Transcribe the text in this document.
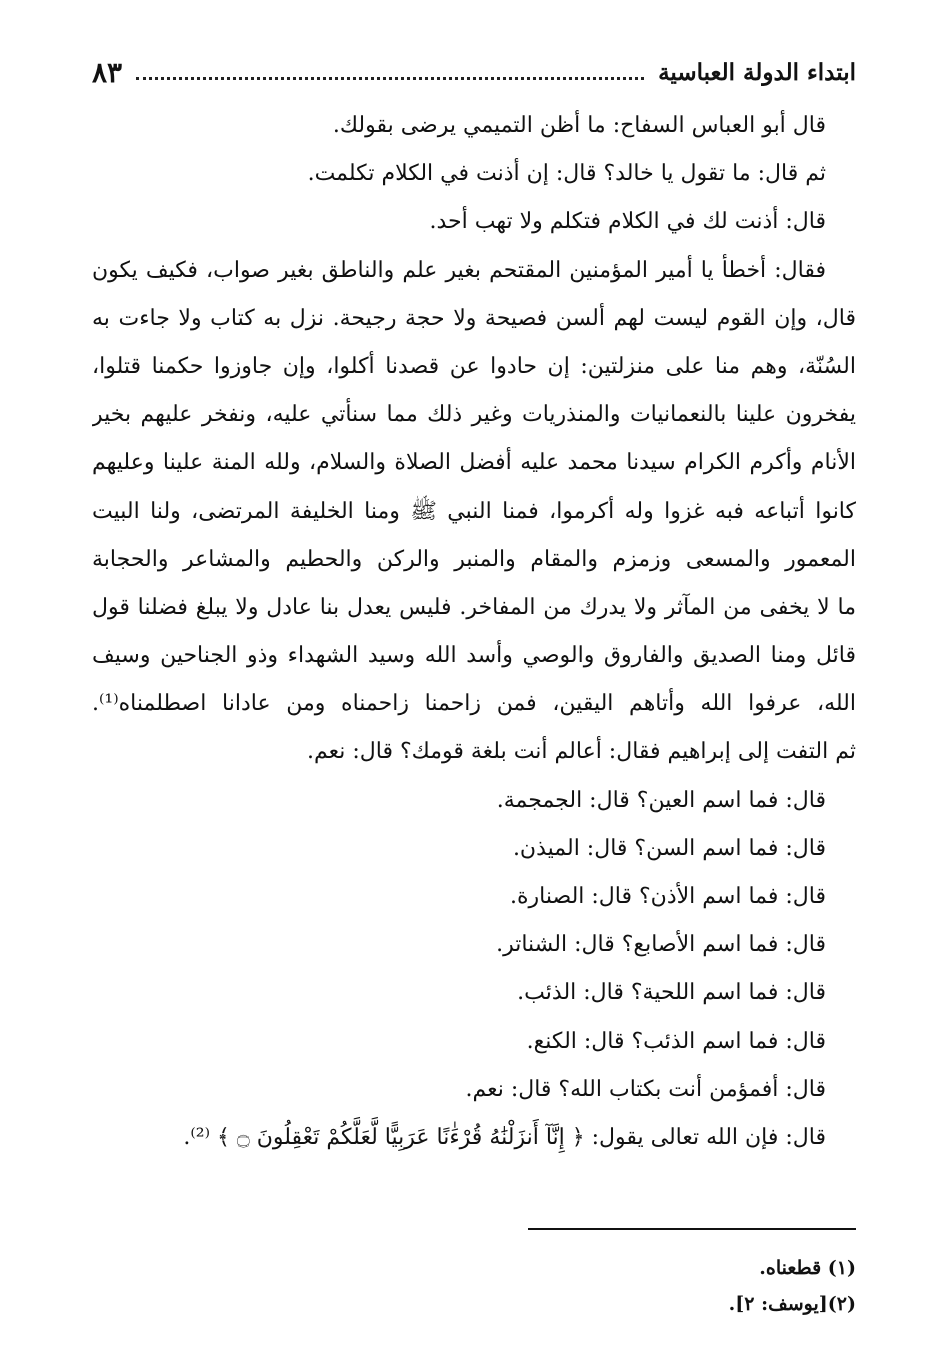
ابتداء الدولة العباسية
٨٣
قال أبو العباس السفاح: ما أظن التميمي يرضى بقولك.
ثم قال: ما تقول يا خالد؟ قال: إن أذنت في الكلام تكلمت.
قال: أذنت لك في الكلام فتكلم ولا تهب أحد.
فقال: أخطأ يا أمير المؤمنين المقتحم بغير علم والناطق بغير صواب، فكيف يكون
قال، وإن القوم ليست لهم ألسن فصيحة ولا حجة رجيحة. نزل به كتاب ولا جاءت به
السُنّة، وهم منا على منزلتين: إن حادوا عن قصدنا أكلوا، وإن جاوزوا حكمنا قتلوا،
يفخرون علينا بالنعمانيات والمنذريات وغير ذلك مما سنأتي عليه، ونفخر عليهم بخير
الأنام وأكرم الكرام سيدنا محمد عليه أفضل الصلاة والسلام، ولله المنة علينا وعليهم
كانوا أتباعه فبه غزوا وله أكرموا، فمنا النبي ﷺ ومنا الخليفة المرتضى، ولنا البيت
المعمور والمسعى وزمزم والمقام والمنبر والركن والحطيم والمشاعر والحجابة
ما لا يخفى من المآثر ولا يدرك من المفاخر. فليس يعدل بنا عادل ولا يبلغ فضلنا قول
قائل ومنا الصديق والفاروق والوصي وأسد الله وسيد الشهداء وذو الجناحين وسيف
الله، عرفوا الله وأتاهم اليقين، فمن زاحمنا زاحمناه ومن عادانا اصطلمناه⁽¹⁾.
ثم التفت إلى إبراهيم فقال: أعالم أنت بلغة قومك؟ قال: نعم.
قال: فما اسم العين؟ قال: الجمجمة.
قال: فما اسم السن؟ قال: الميذن.
قال: فما اسم الأذن؟ قال: الصنارة.
قال: فما اسم الأصابع؟ قال: الشناتر.
قال: فما اسم اللحية؟ قال: الذئب.
قال: فما اسم الذئب؟ قال: الكنع.
قال: أفمؤمن أنت بكتاب الله؟ قال: نعم.
قال: فإن الله تعالى يقول: ﴿ إِنَّآ أَنزَلْنَٰهُ قُرْءَٰنًا عَرَبِيًّا لَّعَلَّكُمْ تَعْقِلُونَ ۝ ﴾ ⁽²⁾.
(١) قطعناه.
(٢)[يوسف: ٢].
